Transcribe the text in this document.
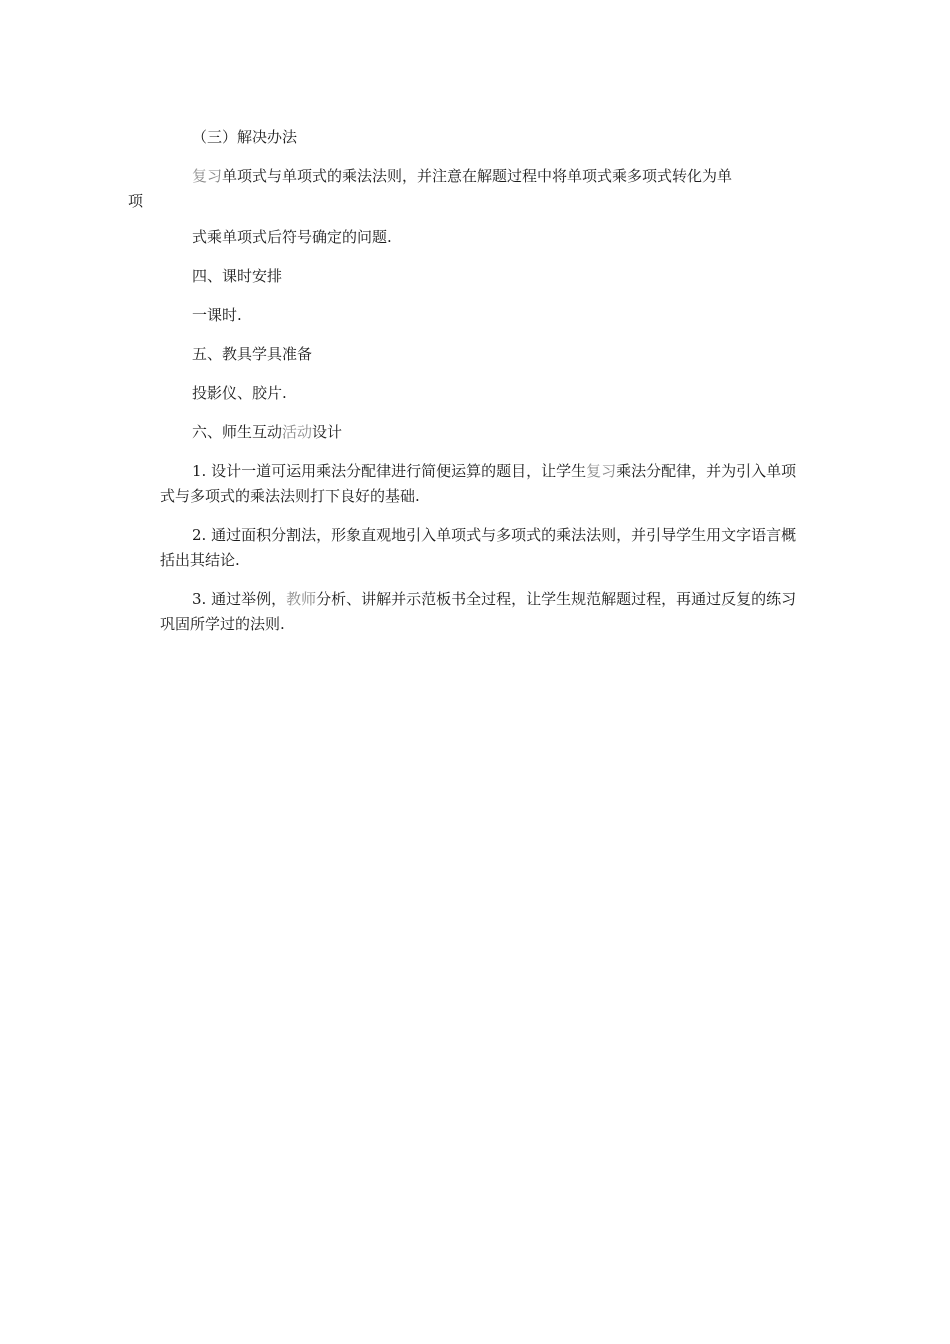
（三）解决办法

复习单项式与单项式的乘法法则，并注意在解题过程中将单项式乘多项式转化为单
项

式乘单项式后符号确定的问题.

四、课时安排

一课时.

五、教具学具准备

投影仪、胶片.

六、师生互动活动设计

1. 设计一道可运用乘法分配律进行简便运算的题目，让学生复习乘法分配律，并为引入单项式与多项式的乘法法则打下良好的基础.

2. 通过面积分割法，形象直观地引入单项式与多项式的乘法法则，并引导学生用文字语言概括出其结论.

3. 通过举例，教师分析、讲解并示范板书全过程，让学生规范解题过程，再通过反复的练习巩固所学过的法则.
